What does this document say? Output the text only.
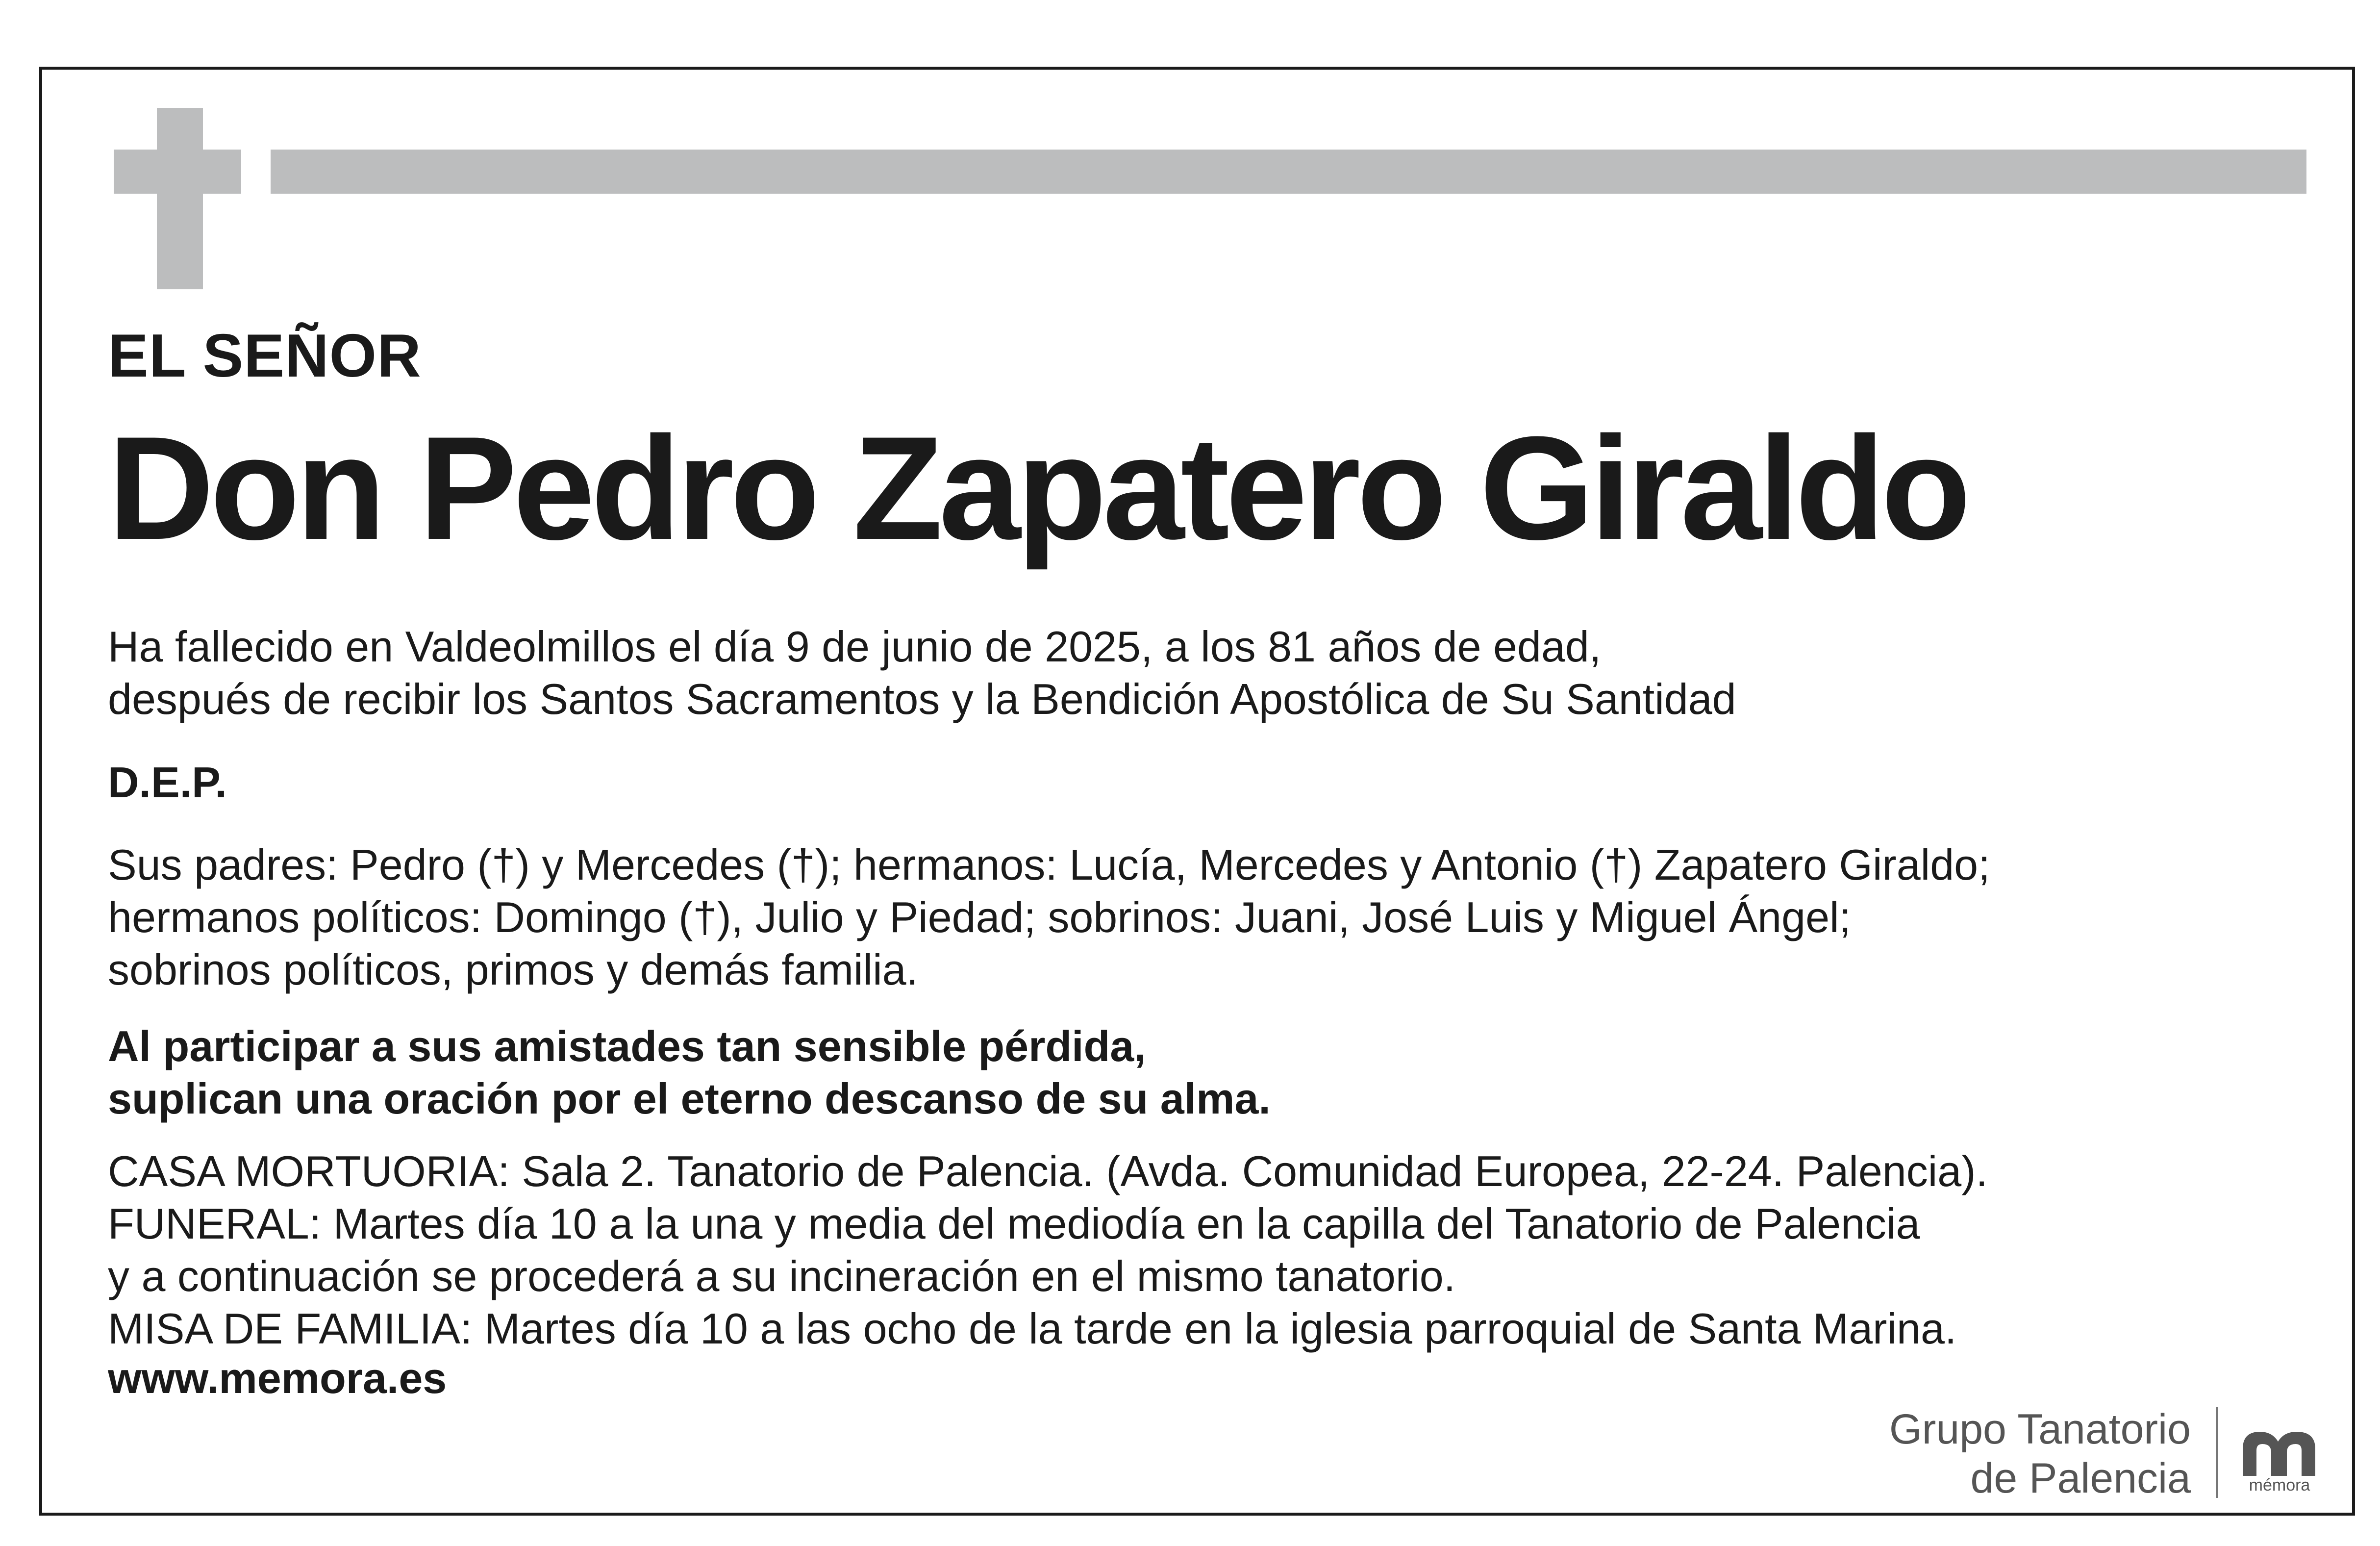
EL SEÑOR

Don Pedro Zapatero Giraldo
Ha fallecido en Valdeolmillos el día 9 de junio de 2025, a los 81 años de edad,
después de recibir los Santos Sacramentos y la Bendición Apostólica de Su Santidad

D.E.P.

Sus padres: Pedro (†) y Mercedes (†); hermanos: Lucía, Mercedes y Antonio (†) Zapatero Giraldo;
hermanos políticos: Domingo (†), Julio y Piedad; sobrinos: Juani, José Luis y Miguel Ángel;
sobrinos políticos, primos y demás familia.
Al participar a sus amistades tan sensible pérdida,
suplican una oración por el eterno descanso de su alma.
CASA MORTUORIA: Sala 2. Tanatorio de Palencia. (Avda. Comunidad Europea, 22-24. Palencia).
FUNERAL: Martes día 10 a la una y media del mediodía en la capilla del Tanatorio de Palencia
y a continuación se procederá a su incineración en el mismo tanatorio.
MISA DE FAMILIA: Martes día 10 a las ocho de la tarde en la iglesia parroquial de Santa Marina.

www.memora.es

Grupo Tanatorio
de Palencia	mémora
